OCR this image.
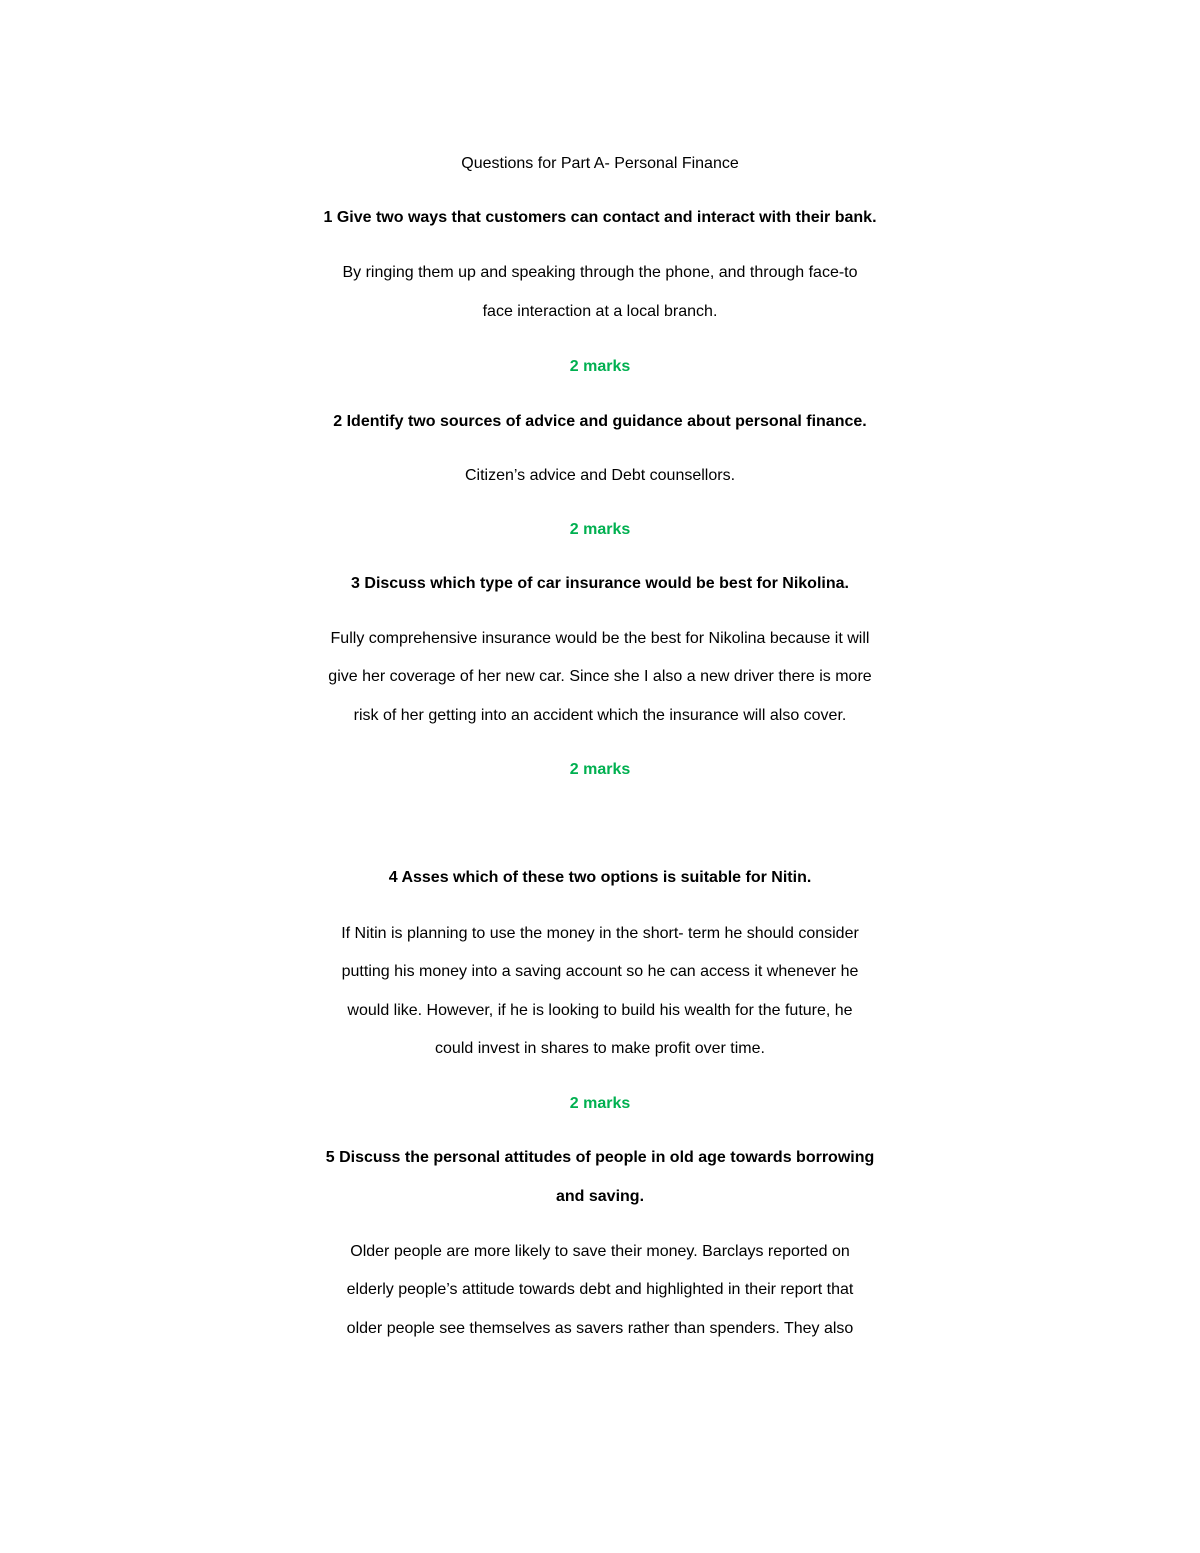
Questions for Part A- Personal Finance
1 Give two ways that customers can contact and interact with their bank.
By ringing them up and speaking through the phone, and through face-to
face interaction at a local branch.
2 marks
2 Identify two sources of advice and guidance about personal finance.
Citizen’s advice and Debt counsellors.
2 marks
3 Discuss which type of car insurance would be best for Nikolina.
Fully comprehensive insurance would be the best for Nikolina because it will
give her coverage of her new car. Since she I also a new driver there is more
risk of her getting into an accident which the insurance will also cover.
2 marks
4 Asses which of these two options is suitable for Nitin.
If Nitin is planning to use the money in the short- term he should consider
putting his money into a saving account so he can access it whenever he
would like. However, if he is looking to build his wealth for the future, he
could invest in shares to make profit over time.
2 marks
5 Discuss the personal attitudes of people in old age towards borrowing
and saving.
Older people are more likely to save their money. Barclays reported on
elderly people’s attitude towards debt and highlighted in their report that
older people see themselves as savers rather than spenders. They also
